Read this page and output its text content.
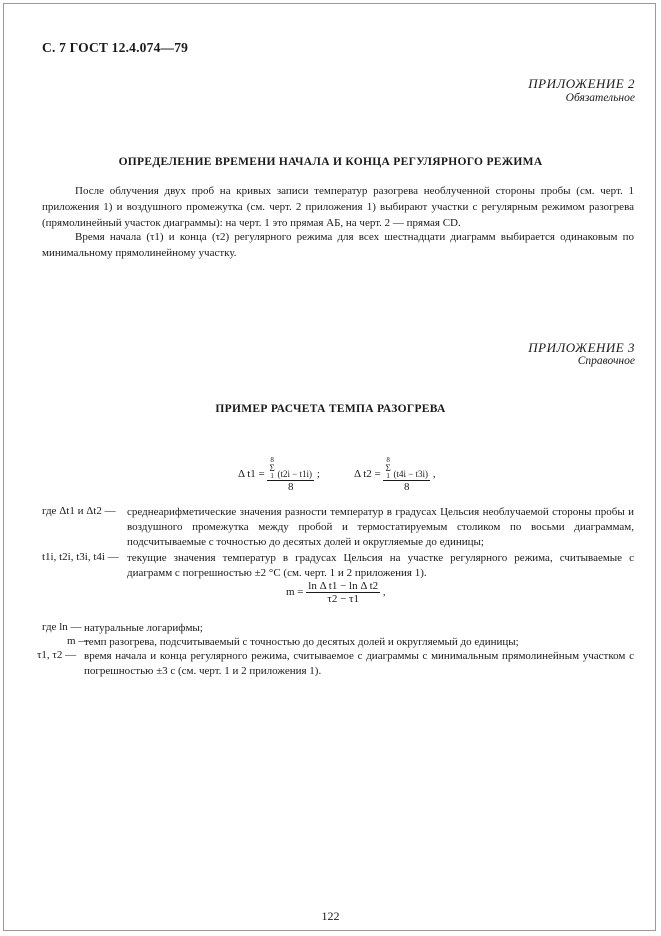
С. 7 ГОСТ 12.4.074—79
ПРИЛОЖЕНИЕ 2
Обязательное
ОПРЕДЕЛЕНИЕ ВРЕМЕНИ НАЧАЛА И КОНЦА РЕГУЛЯРНОГО РЕЖИМА

После облучения двух проб на кривых записи температур разогрева необлученной стороны пробы (см. черт. 1 приложения 1) и воздушного промежутка (см. черт. 2 приложения 1) выбирают участки с регулярным режимом разогрева (прямолинейный участок диаграммы): на черт. 1 это прямая АБ, на черт. 2 — прямая CD.

Время начала (τ1) и конца (τ2) регулярного режима для всех шестнадцати диаграмм выбирается одинаковым по минимальному прямолинейному участку.

ПРИЛОЖЕНИЕ 3
Справочное
ПРИМЕР РАСЧЕТА ТЕМПА РАЗОГРЕВА
Δ t1 = 8
Σ
1 (t2i − t1i)
8 ;	Δ t2 = 8
Σ
1 (t4i − t3i)
8 ,
где Δt1 и Δt2 — среднеарифметические значения разности температур в градусах Цельсия необлучаемой стороны пробы и воздушного промежутка между пробой и термостатируемым столиком по восьми диаграммам, подсчитываемые с точностью до десятых долей и округляемые до единицы;
t1i, t2i, t3i, t4i — текущие значения температур в градусах Цельсия на участке регулярного режима, считываемые с диаграмм с погрешностью ±2 °C (см. черт. 1 и 2 приложения 1).
$m = \frac{\text{ln Δ t1 − ln Δ t2}}{\tau 2 - \tau 1}$ ,
где ln — натуральные логарифмы;
m —
темп разогрева, подсчитываемый с точностью до десятых долей и округляемый до единицы;
τ1, τ2 — время начала и конца регулярного режима, считываемое с диаграммы с минимальным прямолинейным участком с погрешностью ±3 с (см. черт. 1 и 2 приложения 1).
122
